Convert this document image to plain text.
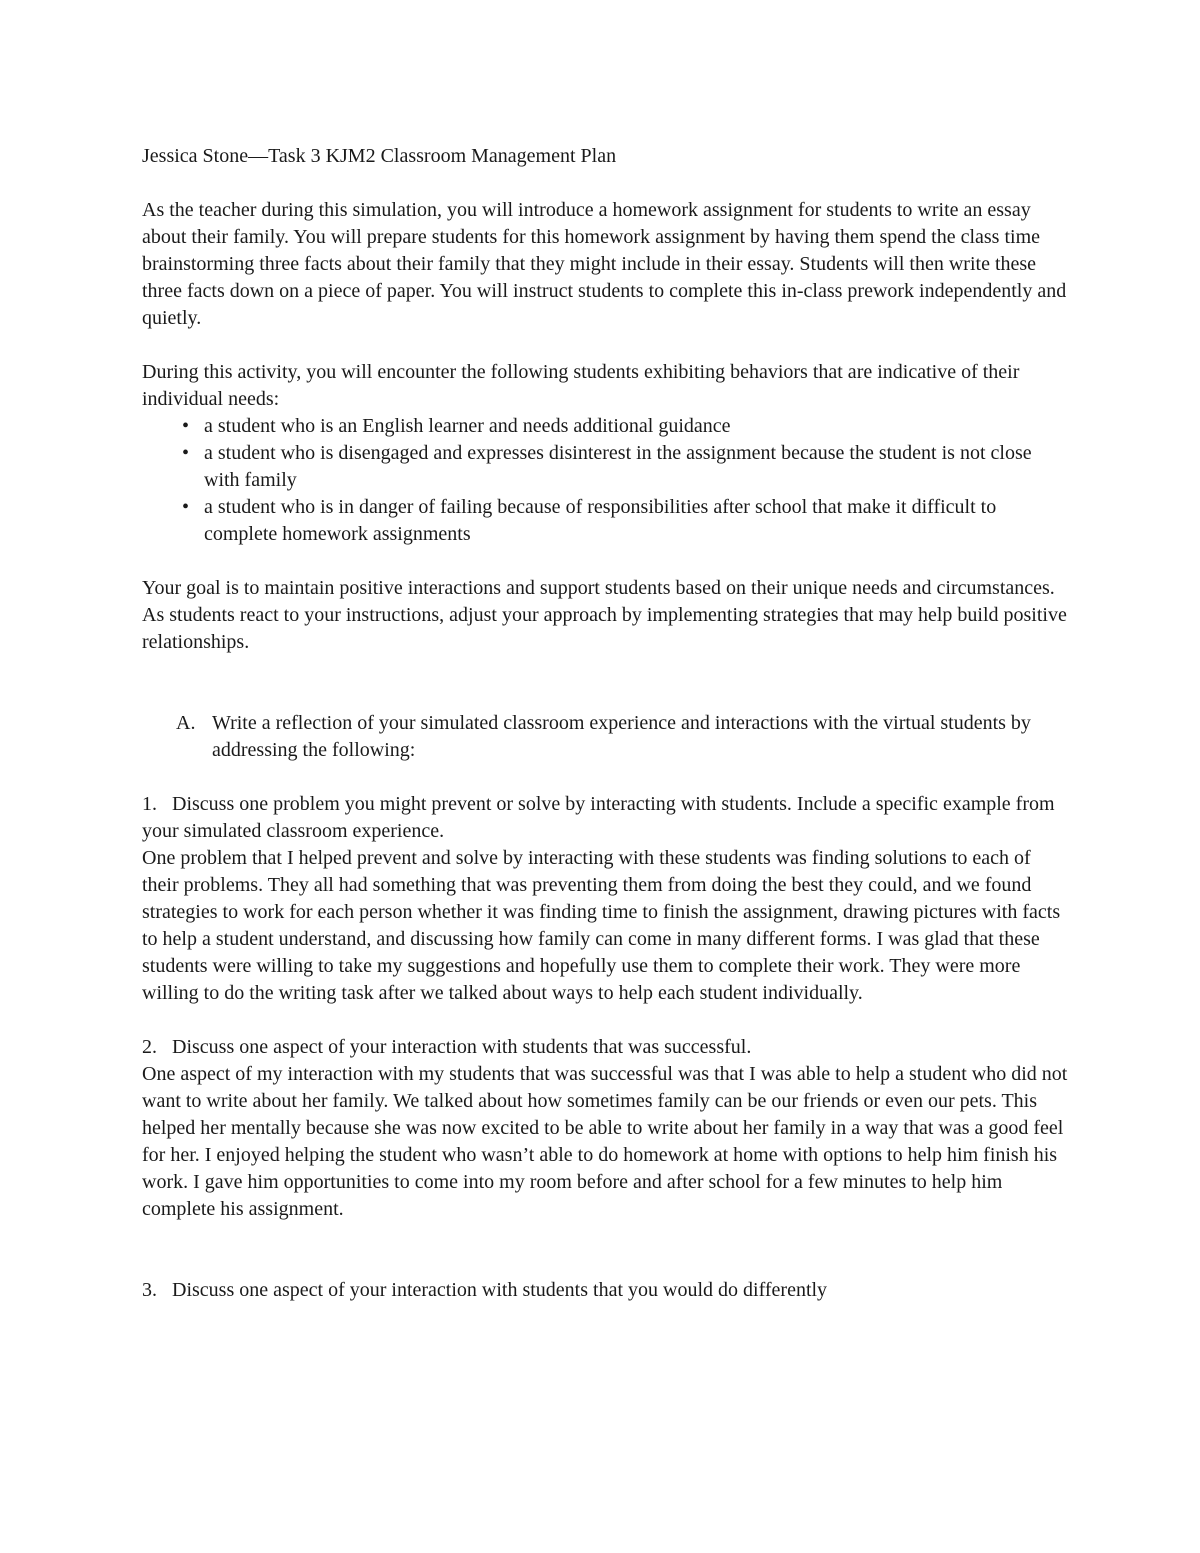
Jessica Stone—Task 3 KJM2 Classroom Management Plan

As the teacher during this simulation, you will introduce a homework assignment for students to write an essay about their family. You will prepare students for this homework assignment by having them spend the class time brainstorming three facts about their family that they might include in their essay. Students will then write these three facts down on a piece of paper. You will instruct students to complete this in-class prework independently and quietly.

During this activity, you will encounter the following students exhibiting behaviors that are indicative of their individual needs:

• a student who is an English learner and needs additional guidance
• a student who is disengaged and expresses disinterest in the assignment because the student is not close with family
• a student who is in danger of failing because of responsibilities after school that make it difficult to complete homework assignments

Your goal is to maintain positive interactions and support students based on their unique needs and circumstances. As students react to your instructions, adjust your approach by implementing strategies that may help build positive relationships.

A. Write a reflection of your simulated classroom experience and interactions with the virtual students by addressing the following:

1. Discuss one problem you might prevent or solve by interacting with students. Include a specific example from your simulated classroom experience.

One problem that I helped prevent and solve by interacting with these students was finding solutions to each of their problems. They all had something that was preventing them from doing the best they could, and we found strategies to work for each person whether it was finding time to finish the assignment, drawing pictures with facts to help a student understand, and discussing how family can come in many different forms. I was glad that these students were willing to take my suggestions and hopefully use them to complete their work. They were more willing to do the writing task after we talked about ways to help each student individually.

2. Discuss one aspect of your interaction with students that was successful.

One aspect of my interaction with my students that was successful was that I was able to help a student who did not want to write about her family. We talked about how sometimes family can be our friends or even our pets. This helped her mentally because she was now excited to be able to write about her family in a way that was a good feel for her. I enjoyed helping the student who wasn’t able to do homework at home with options to help him finish his work. I gave him opportunities to come into my room before and after school for a few minutes to help him complete his assignment.

3. Discuss one aspect of your interaction with students that you would do differently
